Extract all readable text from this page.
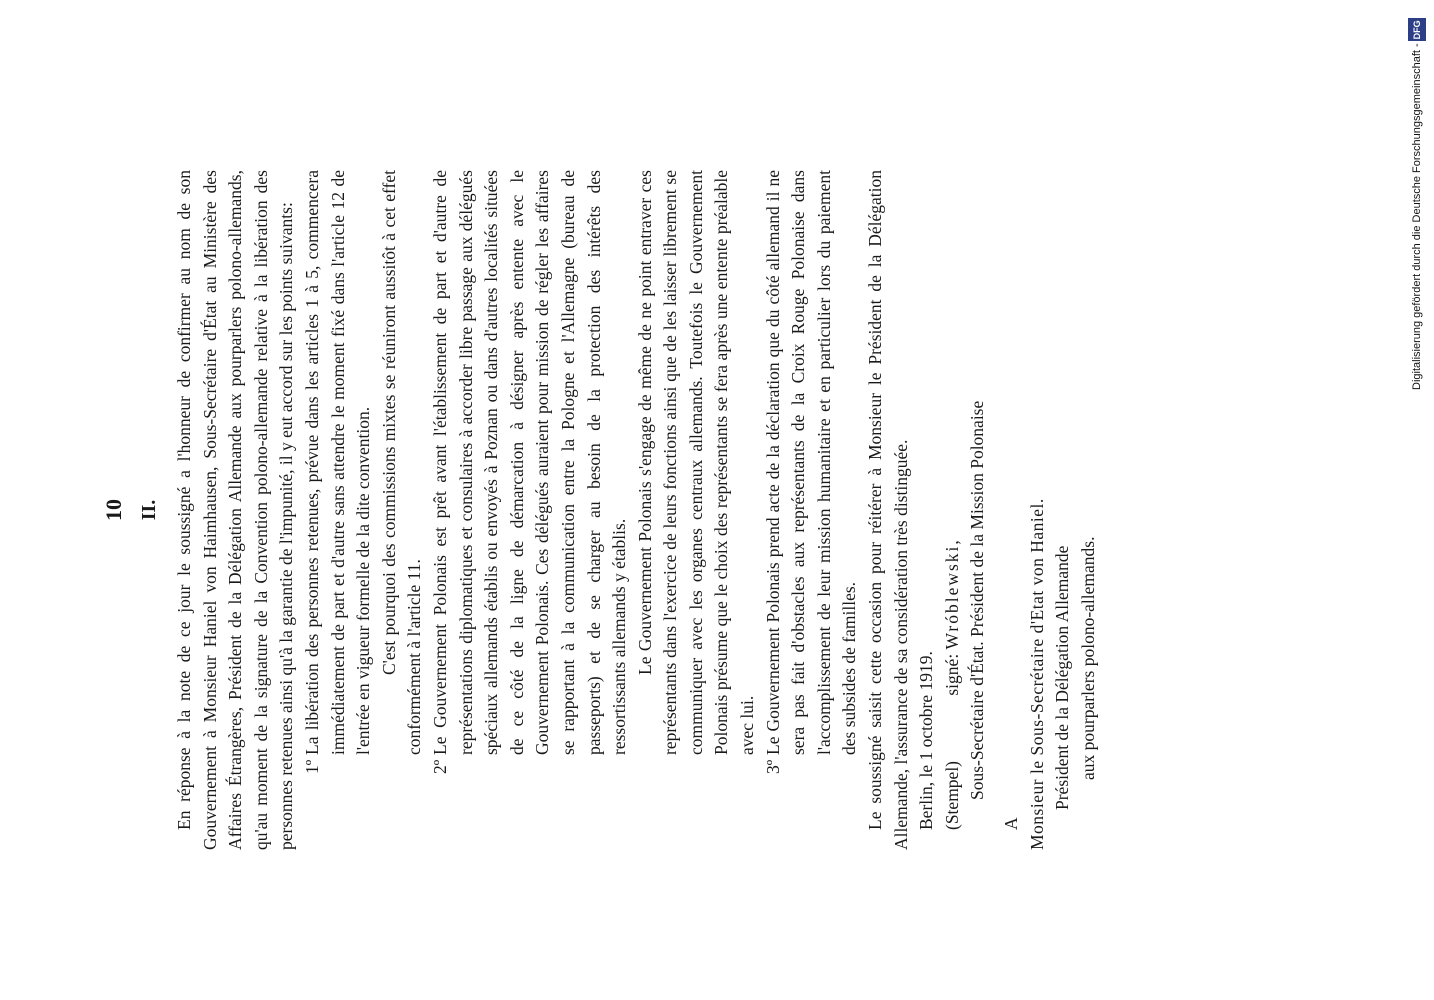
10 II. En réponse à la note de ce jour le soussigné a l'honneur de confirmer au nom de son Gouvernement à Monsieur Haniel von Haimhausen, Sous-Secrétaire d'État au Ministère des Affaires Étrangères, Président de la Délégation Allemande aux pourparlers polono-allemands, qu'au moment de la signature de la Convention polono-allemande relative à la libération des personnes retenues ainsi qu'à la garantie de l'impunité, il y eut accord sur les points suivants: 1º
La libération des personnes retenues, prévue dans les articles 1 à 5, commencera immédiatement de part et d'autre sans attendre le moment fixé dans l'article 12 de l'entrée en vigueur formelle de la dite convention. C'est pourquoi des commissions mixtes se réuniront aussitôt à cet effet conformément à l'article 11.
2º
Le Gouvernement Polonais est prêt avant l'établissement de part et d'autre de représentations diplomatiques et consulaires à accorder libre passage aux délégués spéciaux allemands établis ou envoyés à Poznan ou dans d'autres localités situées de ce côté de la ligne de démarcation à désigner après entente avec le Gouvernement Polonais. Ces délégués auraient pour mission de régler les affaires se rapportant à la communication entre la Pologne et l'Allemagne (bureau de passeports) et de se charger au besoin de la protection des intérêts des ressortissants allemands y établis. Le Gouvernement Polonais s'engage de même de ne point entraver ces représentants dans l'exercice de leurs fonctions ainsi que de les laisser librement se communiquer avec les organes centraux allemands. Toutefois le Gouvernement Polonais présume que le choix des représentants se fera après une entente préalable avec lui.
3º
Le Gouvernement Polonais prend acte de la déclaration que du côté allemand il ne sera pas fait d'obstacles aux représentants de la Croix Rouge Polonaise dans l'accomplissement de leur mission humanitaire et en particulier lors du paiement des subsides de familles. Le soussigné saisit cette occasion pour réitérer à Monsieur le Président de la Délégation Allemande, l'assurance de sa considération très distinguée. Berlin, le 1 octobre 1919. (Stempel) signé: Wróblewski, Sous-Secrétaire d'État. Président de la Mission Polonaise

A Monsieur le Sous-Secrétaire d'Etat von Haniel. Président de la Délégation Allemande aux pourparlers polono-allemands.

Digitalisierung gefördert durch die Deutsche Forschungsgemeinschaft -DFG
